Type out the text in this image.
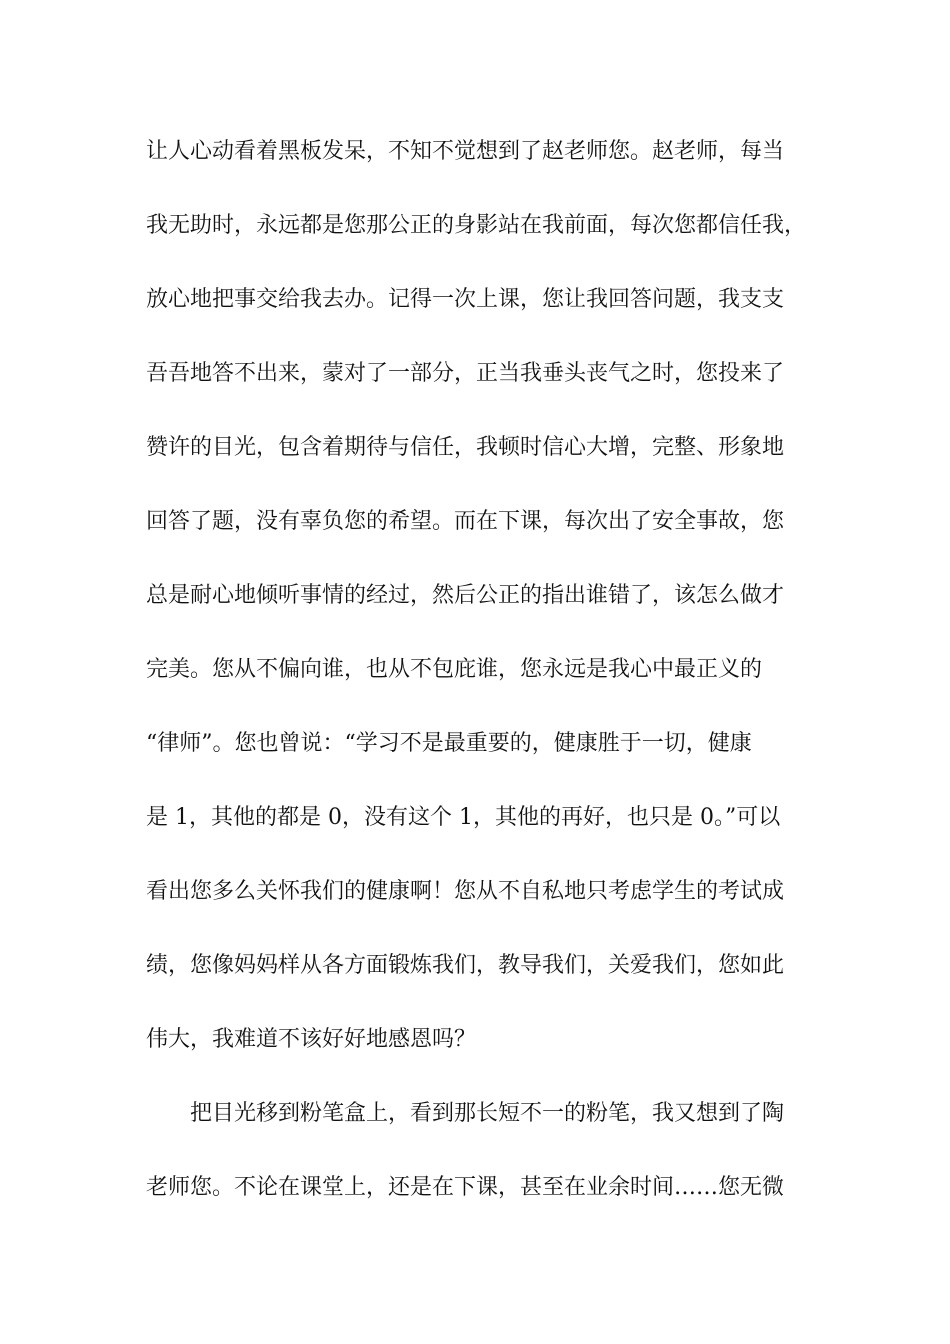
让人心动看着黑板发呆，不知不觉想到了赵老师您。赵老师，每当
我无助时，永远都是您那公正的身影站在我前面，每次您都信任我，
放心地把事交给我去办。记得一次上课，您让我回答问题，我支支
吾吾地答不出来，蒙对了一部分，正当我垂头丧气之时，您投来了
赞许的目光，包含着期待与信任，我顿时信心大增，完整、形象地
回答了题，没有辜负您的希望。而在下课，每次出了安全事故，您
总是耐心地倾听事情的经过，然后公正的指出谁错了，该怎么做才
完美。您从不偏向谁，也从不包庇谁，您永远是我心中最正义的
“律师”。您也曾说：“学习不是最重要的，健康胜于一切，健康
是 1，其他的都是 0，没有这个 1，其他的再好，也只是 0。”可以
看出您多么关怀我们的健康啊！您从不自私地只考虑学生的考试成
绩，您像妈妈样从各方面锻炼我们，教导我们，关爱我们，您如此
伟大，我难道不该好好地感恩吗？
　　把目光移到粉笔盒上，看到那长短不一的粉笔，我又想到了陶
老师您。不论在课堂上，还是在下课，甚至在业余时间……您无微
